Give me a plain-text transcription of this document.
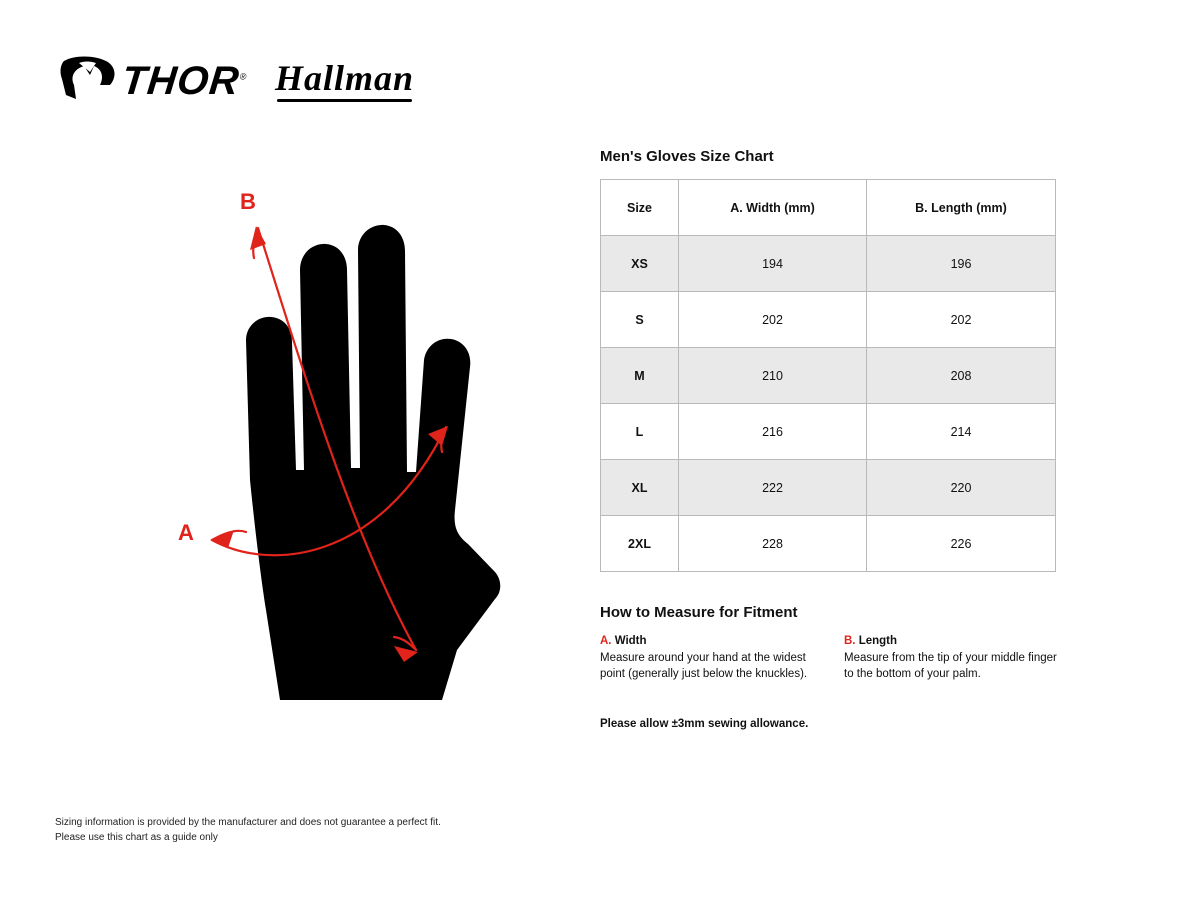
THOR® Hallman
B
A
Men's Gloves Size Chart
Size	A. Width (mm)	B. Length (mm)
XS	194	196
S	202	202
M	210	208
L	216	214
XL	222	220
2XL	228	226
How to Measure for Fitment
A. Width
Measure around your hand at the widest point (generally just below the knuckles).
B. Length
Measure from the tip of your middle finger to the bottom of your palm.
Please allow ±3mm sewing allowance.
Sizing information is provided by the manufacturer and does not guarantee a perfect fit.
Please use this chart as a guide only
